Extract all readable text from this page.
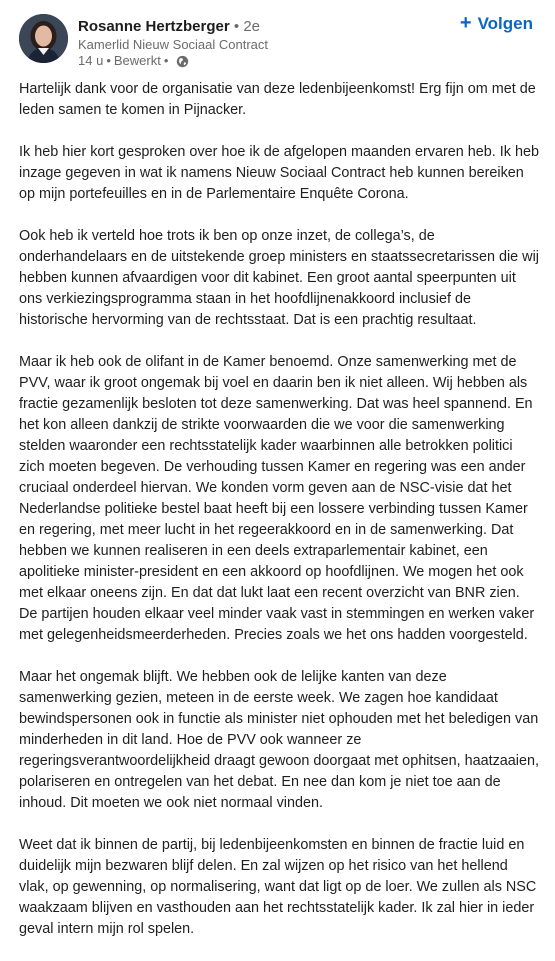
Rosanne Hertzberger • 2e
Kamerlid Nieuw Sociaal Contract
14 u • Bewerkt •
+ Volgen

Hartelijk dank voor de organisatie van deze ledenbijeenkomst! Erg fijn om met de leden samen te komen in Pijnacker.

Ik heb hier kort gesproken over hoe ik de afgelopen maanden ervaren heb. Ik heb inzage gegeven in wat ik namens Nieuw Sociaal Contract heb kunnen bereiken op mijn portefeuilles en in de Parlementaire Enquête Corona.

Ook heb ik verteld hoe trots ik ben op onze inzet, de collega’s, de onderhandelaars en de uitstekende groep ministers en staatssecretarissen die wij hebben kunnen afvaardigen voor dit kabinet. Een groot aantal speerpunten uit ons verkiezingsprogramma staan in het hoofdlijnenakkoord inclusief de historische hervorming van de rechtsstaat. Dat is een prachtig resultaat.

Maar ik heb ook de olifant in de Kamer benoemd. Onze samenwerking met de PVV, waar ik groot ongemak bij voel en daarin ben ik niet alleen. Wij hebben als fractie gezamenlijk besloten tot deze samenwerking. Dat was heel spannend. En het kon alleen dankzij de strikte voorwaarden die we voor die samenwerking stelden waaronder een rechtsstatelijk kader waarbinnen alle betrokken politici zich moeten begeven. De verhouding tussen Kamer en regering was een ander cruciaal onderdeel hiervan. We konden vorm geven aan de NSC-visie dat het Nederlandse politieke bestel baat heeft bij een lossere verbinding tussen Kamer en regering, met meer lucht in het regeerakkoord en in de samenwerking. Dat hebben we kunnen realiseren in een deels extraparlementair kabinet, een apolitieke minister-president en een akkoord op hoofdlijnen. We mogen het ook met elkaar oneens zijn. En dat dat lukt laat een recent overzicht van BNR zien. De partijen houden elkaar veel minder vaak vast in stemmingen en werken vaker met gelegenheidsmeerderheden. Precies zoals we het ons hadden voorgesteld.

Maar het ongemak blijft. We hebben ook de lelijke kanten van deze samenwerking gezien, meteen in de eerste week. We zagen hoe kandidaat bewindspersonen ook in functie als minister niet ophouden met het beledigen van minderheden in dit land. Hoe de PVV ook wanneer ze regeringsverantwoordelijkheid draagt gewoon doorgaat met ophitsen, haatzaaien, polariseren en ontregelen van het debat. En nee dan kom je niet toe aan de inhoud. Dit moeten we ook niet normaal vinden.

Weet dat ik binnen de partij, bij ledenbijeenkomsten en binnen de fractie luid en duidelijk mijn bezwaren blijf delen. En zal wijzen op het risico van het hellend vlak, op gewenning, op normalisering, want dat ligt op de loer. We zullen als NSC waakzaam blijven en vasthouden aan het rechtsstatelijk kader. Ik zal hier in ieder geval intern mijn rol spelen.
